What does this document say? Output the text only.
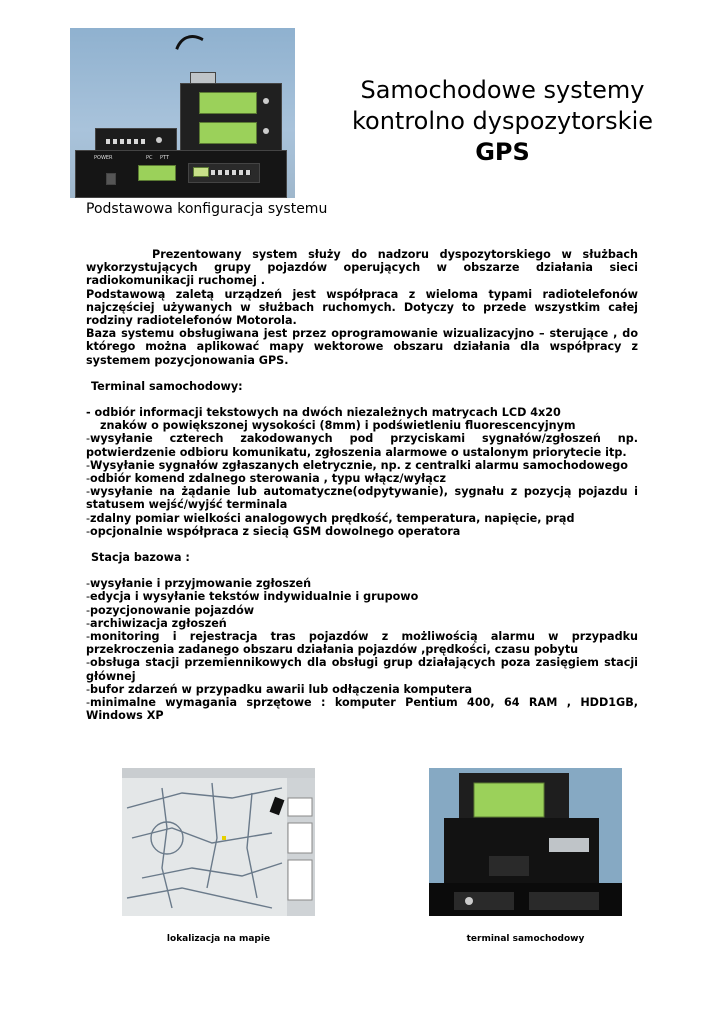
POWER	PC PTT
Samochodowe systemy
kontrolno dyspozytorskie
GPS
Podstawowa konfiguracja systemu

Prezentowany system służy do nadzoru dyspozytorskiego w służbach wykorzystujących grupy pojazdów operujących w obszarze działania sieci radiokomunikacji ruchomej .

Podstawową zaletą urządzeń jest współpraca z wieloma typami radiotelefonów najczęściej używanych w służbach ruchomych. Dotyczy to przede wszystkim całej rodziny radiotelefonów Motorola.

Baza systemu obsługiwana jest przez oprogramowanie wizualizacyjno – sterujące , do którego można aplikować mapy wektorowe obszaru działania dla współpracy z systemem pozycjonowania GPS.

Terminal samochodowy:

- odbiór informacji tekstowych na dwóch niezależnych matrycach LCD 4x20

znaków o powiększonej wysokości (8mm) i podświetleniu fluorescencyjnym

-wysyłanie czterech zakodowanych pod przyciskami sygnałów/zgłoszeń np. potwierdzenie odbioru komunikatu, zgłoszenia alarmowe o ustalonym priorytecie itp.

-Wysyłanie sygnałów zgłaszanych eletrycznie, np. z centralki alarmu samochodowego

-odbiór komend zdalnego sterowania , typu włącz/wyłącz

-wysyłanie na żądanie lub automatyczne(odpytywanie), sygnału z pozycją pojazdu i statusem wejść/wyjść terminala

-zdalny pomiar wielkości analogowych prędkość, temperatura, napięcie, prąd

-opcjonalnie współpraca z siecią GSM dowolnego operatora

Stacja bazowa :

-wysyłanie i przyjmowanie zgłoszeń

-edycja i wysyłanie tekstów indywidualnie i grupowo

-pozycjonowanie pojazdów

-archiwizacja zgłoszeń

-monitoring i rejestracja tras pojazdów z możliwością alarmu w przypadku przekroczenia zadanego obszaru działania pojazdów ,prędkości, czasu pobytu

-obsługa stacji przemiennikowych dla obsługi grup działających poza zasięgiem stacji głównej

-bufor zdarzeń w przypadku awarii lub odłączenia komputera

-minimalne wymagania sprzętowe : komputer Pentium 400, 64 RAM , HDD1GB, Windows XP

lokalizacja na mapie	terminal samochodowy
